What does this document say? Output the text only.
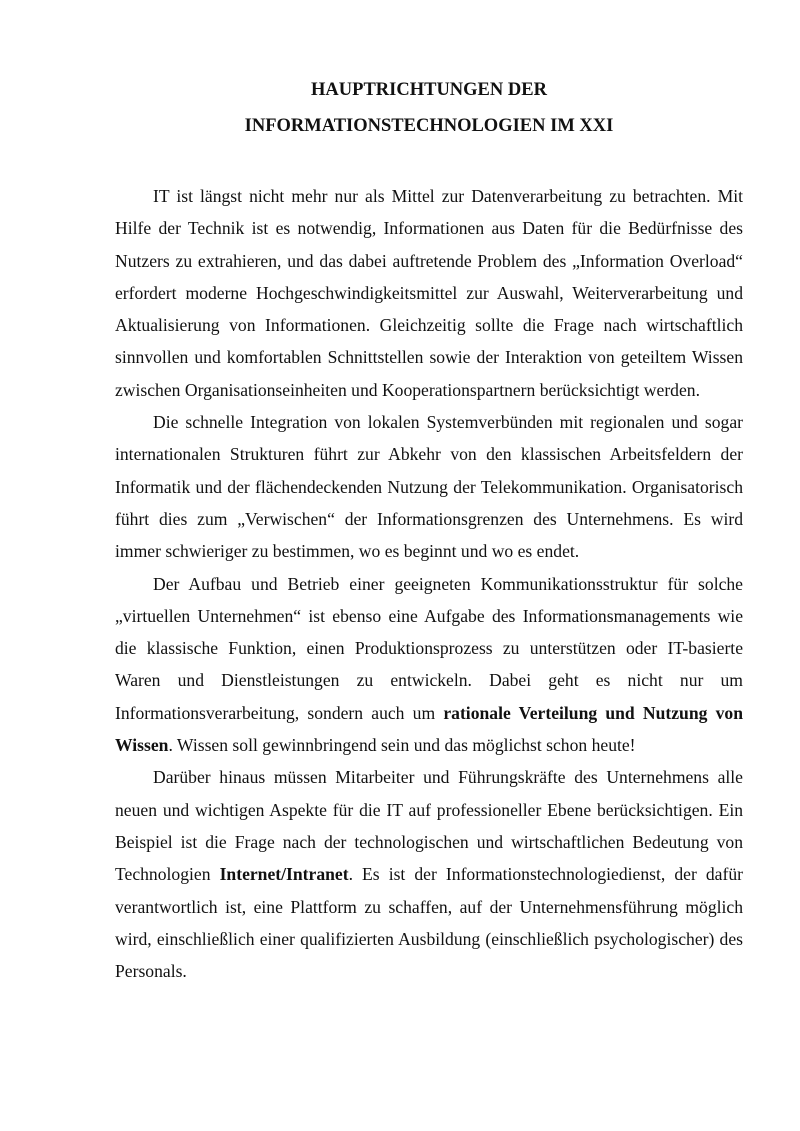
HAUPTRICHTUNGEN DER
INFORMATIONSTECHNOLOGIEN IM XXI

IT ist längst nicht mehr nur als Mittel zur Datenverarbeitung zu betrachten. Mit Hilfe der Technik ist es notwendig, Informationen aus Daten für die Bedürfnisse des Nutzers zu extrahieren, und das dabei auftretende Problem des „Information Overload“ erfordert moderne Hochgeschwindigkeitsmittel zur Auswahl, Weiterverarbeitung und Aktualisierung von Informationen. Gleichzeitig sollte die Frage nach wirtschaftlich sinnvollen und komfortablen Schnittstellen sowie der Interaktion von geteiltem Wissen zwischen Organisationseinheiten und Kooperationspartnern berücksichtigt werden.

Die schnelle Integration von lokalen Systemverbünden mit regionalen und sogar internationalen Strukturen führt zur Abkehr von den klassischen Arbeitsfeldern der Informatik und der flächendeckenden Nutzung der Telekommunikation. Organisatorisch führt dies zum „Verwischen“ der Informationsgrenzen des Unternehmens. Es wird immer schwieriger zu bestimmen, wo es beginnt und wo es endet.

Der Aufbau und Betrieb einer geeigneten Kommunikationsstruktur für solche „virtuellen Unternehmen“ ist ebenso eine Aufgabe des Informationsmanagements wie die klassische Funktion, einen Produktionsprozess zu unterstützen oder IT-basierte Waren und Dienstleistungen zu entwickeln. Dabei geht es nicht nur um Informationsverarbeitung, sondern auch um rationale Verteilung und Nutzung von Wissen. Wissen soll gewinnbringend sein und das möglichst schon heute!

Darüber hinaus müssen Mitarbeiter und Führungskräfte des Unternehmens alle neuen und wichtigen Aspekte für die IT auf professioneller Ebene berücksichtigen. Ein Beispiel ist die Frage nach der technologischen und wirtschaftlichen Bedeutung von Technologien Internet/Intranet. Es ist der Informationstechnologiedienst, der dafür verantwortlich ist, eine Plattform zu schaffen, auf der Unternehmensführung möglich wird, einschließlich einer qualifizierten Ausbildung (einschließlich psychologischer) des Personals.
